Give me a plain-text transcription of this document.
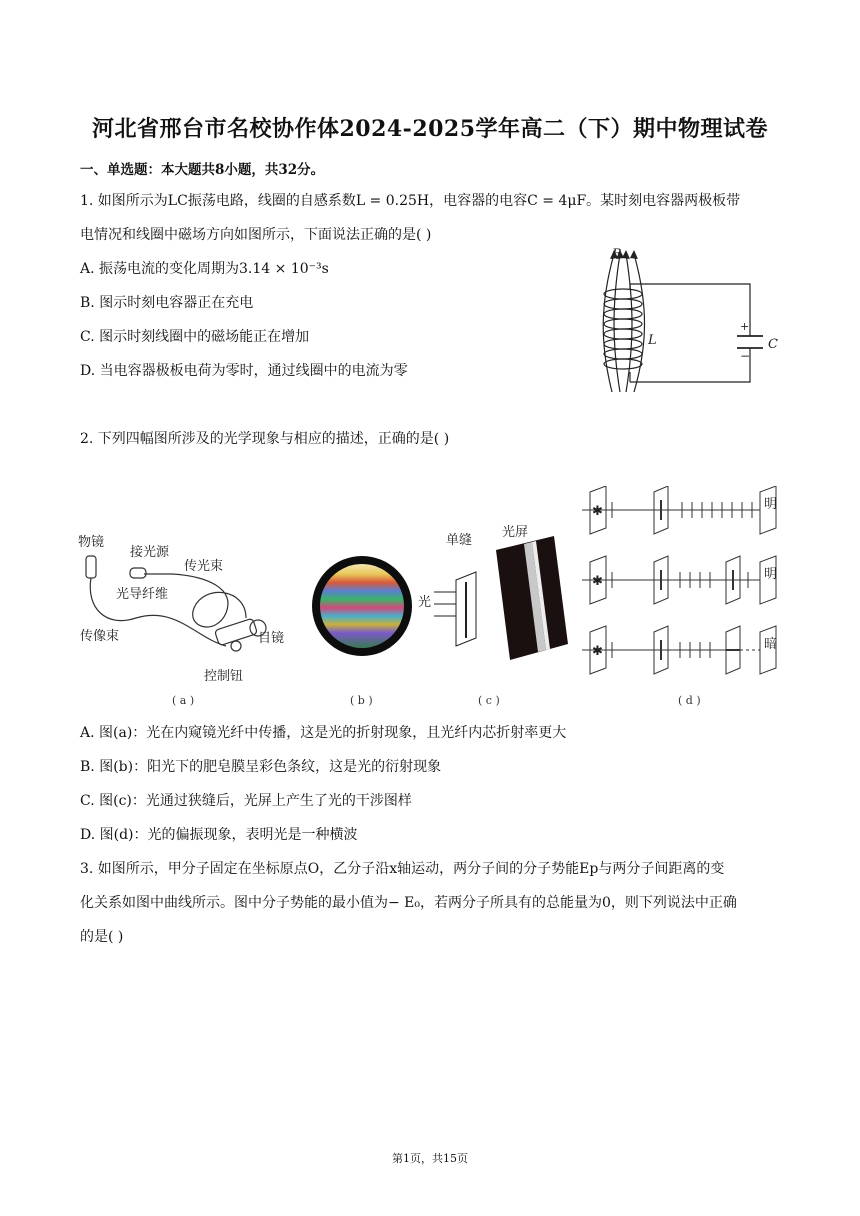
河北省邢台市名校协作体2024-2025学年高二（下）期中物理试卷
一、单选题：本大题共8小题，共32分。
1. 如图所示为LC振荡电路，线圈的自感系数L = 0.25H，电容器的电容C = 4μF。某时刻电容器两极板带
电情况和线圈中磁场方向如图所示，下面说法正确的是( )
A. 振荡电流的变化周期为3.14 × 10⁻³s
B. 图示时刻电容器正在充电
C. 图示时刻线圈中的磁场能正在增加
D. 当电容器极板电荷为零时，通过线圈中的电流为零
+
−
B
L	C
2. 下列四幅图所涉及的光学现象与相应的描述，正确的是( )
物镜
接光源
传光束
光导纤维
传像束	目镜
控制钮
( a )	( b )
光
单缝
光屏
( c )
✱
✱
✱
明
明
暗
( d )
A. 图(a)：光在内窥镜光纤中传播，这是光的折射现象，且光纤内芯折射率更大
B. 图(b)：阳光下的肥皂膜呈彩色条纹，这是光的衍射现象
C. 图(c)：光通过狭缝后，光屏上产生了光的干涉图样
D. 图(d)：光的偏振现象，表明光是一种横波
3. 如图所示，甲分子固定在坐标原点O，乙分子沿x轴运动，两分子间的分子势能Ep与两分子间距离的变
化关系如图中曲线所示。图中分子势能的最小值为− E₀，若两分子所具有的总能量为0，则下列说法中正确
的是( )
第1页，共15页
